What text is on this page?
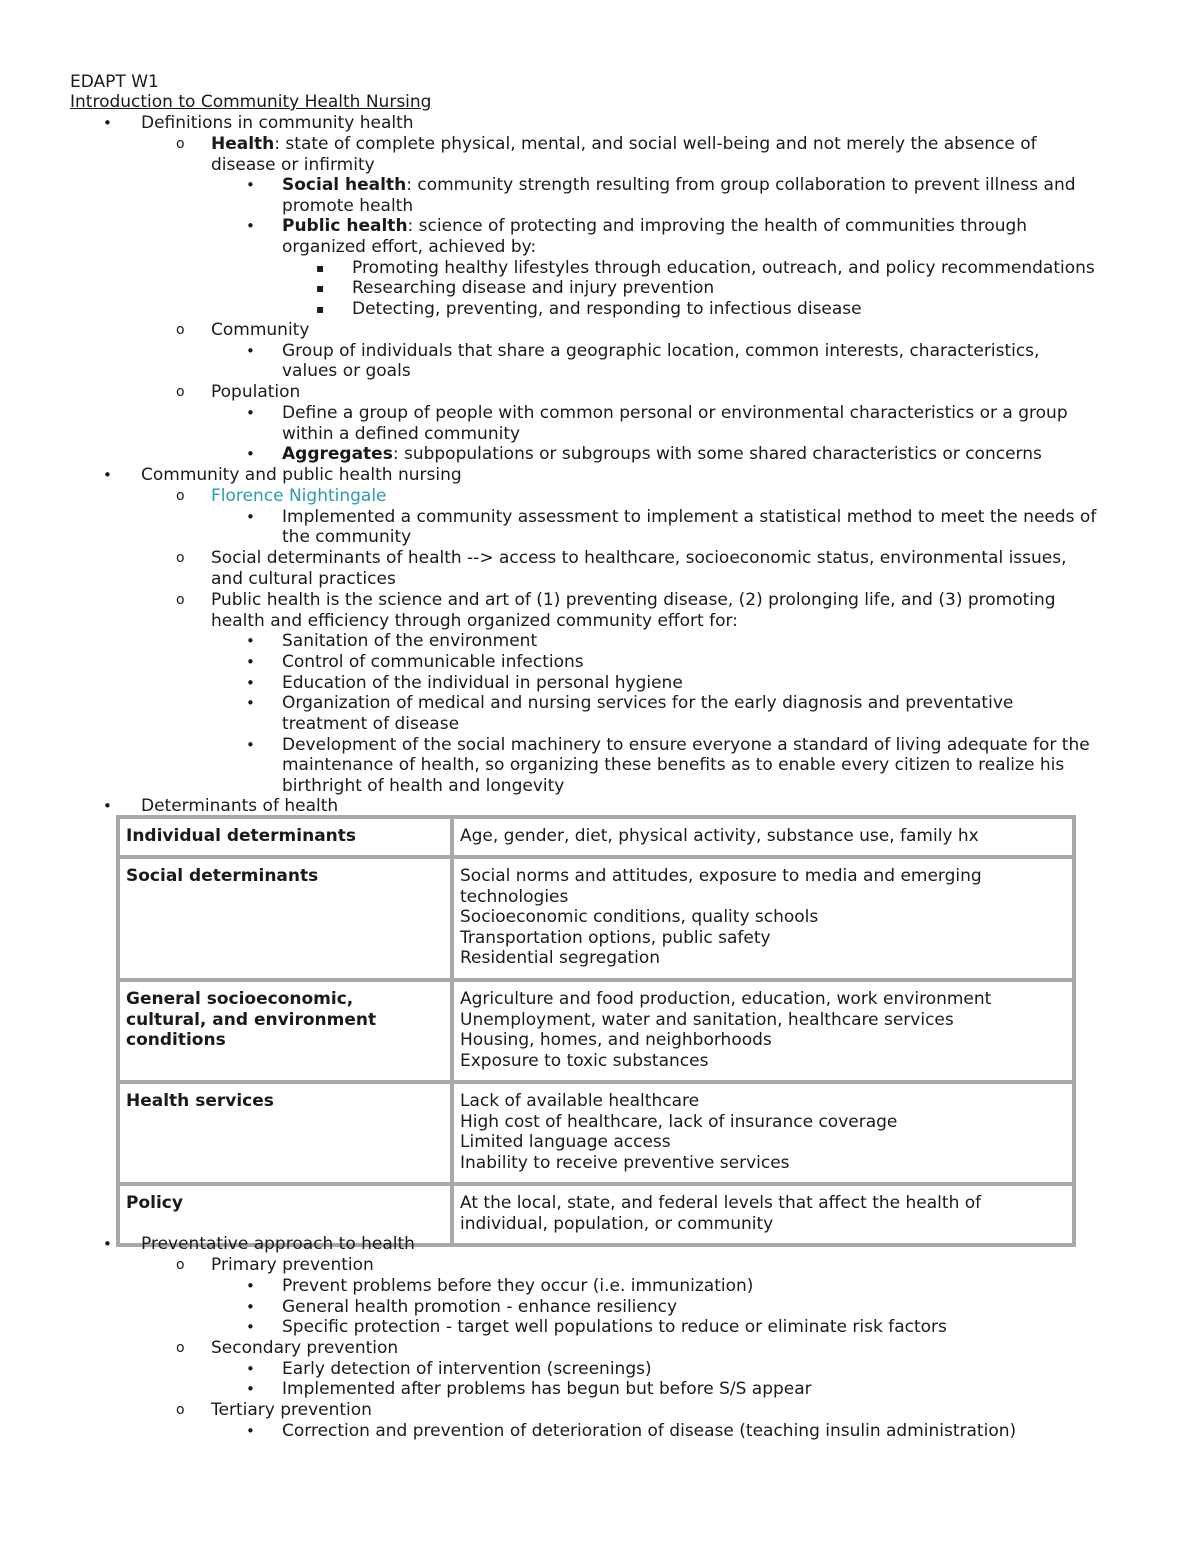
EDAPT W1
Introduction to Community Health Nursing
• Definitions in community health
o Health: state of complete physical, mental, and social well-being and not merely the absence of
disease or infirmity
• Social health: community strength resulting from group collaboration to prevent illness and
promote health
• Public health: science of protecting and improving the health of communities through
organized effort, achieved by:
▪ Promoting healthy lifestyles through education, outreach, and policy recommendations
▪ Researching disease and injury prevention
▪ Detecting, preventing, and responding to infectious disease
o Community
• Group of individuals that share a geographic location, common interests, characteristics,
values or goals
o Population
• Define a group of people with common personal or environmental characteristics or a group
within a defined community
• Aggregates: subpopulations or subgroups with some shared characteristics or concerns
• Community and public health nursing
o Florence Nightingale
• Implemented a community assessment to implement a statistical method to meet the needs of
the community
o Social determinants of health --> access to healthcare, socioeconomic status, environmental issues,
and cultural practices
o Public health is the science and art of (1) preventing disease, (2) prolonging life, and (3) promoting
health and efficiency through organized community effort for:
• Sanitation of the environment
• Control of communicable infections
• Education of the individual in personal hygiene
• Organization of medical and nursing services for the early diagnosis and preventative
treatment of disease
• Development of the social machinery to ensure everyone a standard of living adequate for the
maintenance of health, so organizing these benefits as to enable every citizen to realize his
birthright of health and longevity
• Determinants of health
Individual determinants	Age, gender, diet, physical activity, substance use, family hx

Social determinants	Social norms and attitudes, exposure to media and emerging
technologies
Socioeconomic conditions, quality schools
Transportation options, public safety
Residential segregation

General socioeconomic,
cultural, and environment
conditions	Agriculture and food production, education, work environment
Unemployment, water and sanitation, healthcare services
Housing, homes, and neighborhoods
Exposure to toxic substances

Health services	Lack of available healthcare
High cost of healthcare, lack of insurance coverage
Limited language access
Inability to receive preventive services

Policy	At the local, state, and federal levels that affect the health of
individual, population, or community
• Preventative approach to health
o Primary prevention
• Prevent problems before they occur (i.e. immunization)
• General health promotion - enhance resiliency
• Specific protection - target well populations to reduce or eliminate risk factors
o Secondary prevention
• Early detection of intervention (screenings)
• Implemented after problems has begun but before S/S appear
o Tertiary prevention
• Correction and prevention of deterioration of disease (teaching insulin administration)
